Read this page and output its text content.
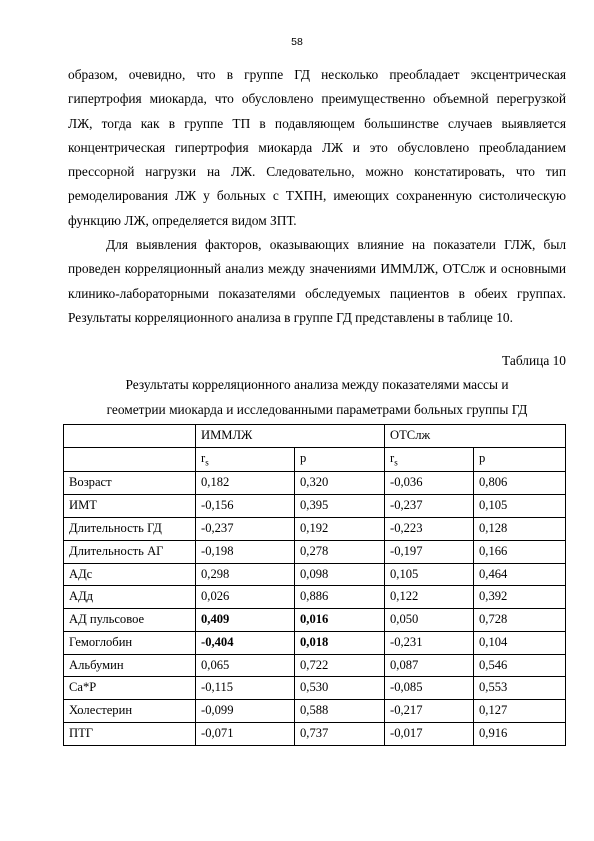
58

образом, очевидно, что в группе ГД несколько преобладает эксцентрическая гипертрофия миокарда, что обусловлено преимущественно объемной перегрузкой ЛЖ, тогда как в группе ТП в подавляющем большинстве случаев выявляется концентрическая гипертрофия миокарда ЛЖ и это обусловлено преобладанием прессорной нагрузки на ЛЖ. Следовательно, можно констатировать, что тип ремоделирования ЛЖ у больных с ТХПН, имеющих сохраненную систолическую функцию ЛЖ, определяется видом ЗПТ.

Для выявления факторов, оказывающих влияние на показатели ГЛЖ, был проведен корреляционный анализ между значениями ИММЛЖ, ОТСлж и основными клинико-лабораторными показателями обследуемых пациентов в обеих группах. Результаты корреляционного анализа в группе ГД представлены в таблице 10.

Таблица 10
Результаты корреляционного анализа между показателями массы и
геометрии миокарда и исследованными параметрами больных группы ГД
	ИММЛЖ		ОТСлж	
	$r_s$	p	$r_s$	p
Возраст	0,182	0,320	-0,036	0,806
ИМТ	-0,156	0,395	-0,237	0,105
Длительность ГД	-0,237	0,192	-0,223	0,128
Длительность АГ	-0,198	0,278	-0,197	0,166
АДс	0,298	0,098	0,105	0,464
АДд	0,026	0,886	0,122	0,392
АД пульсовое	0,409	0,016	0,050	0,728
Гемоглобин	-0,404	0,018	-0,231	0,104
Альбумин	0,065	0,722	0,087	0,546
Ca*P	-0,115	0,530	-0,085	0,553
Холестерин	-0,099	0,588	-0,217	0,127
ПТГ	-0,071	0,737	-0,017	0,916
